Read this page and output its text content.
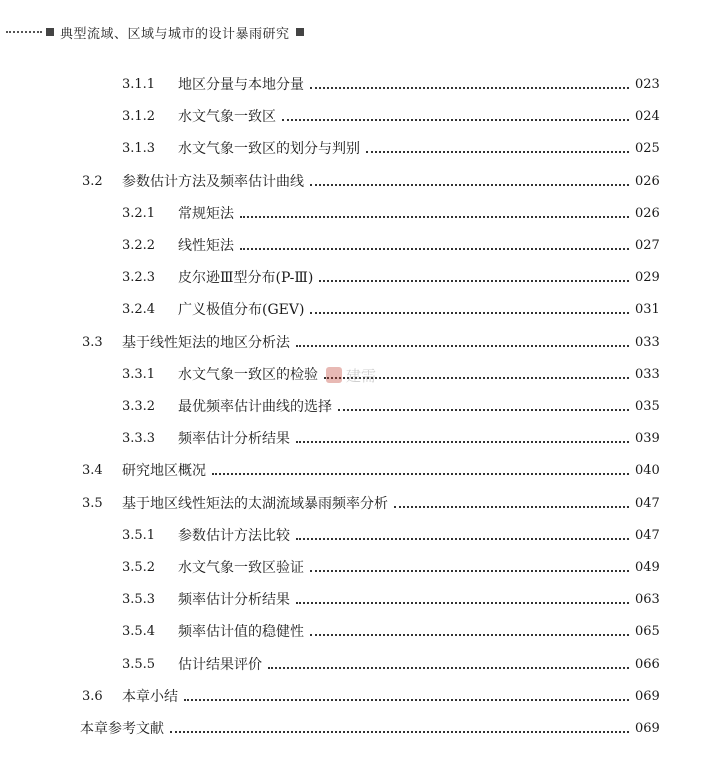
典型流域、区域与城市的设计暴雨研究
3.1.1	地区分量与本地分量	023
3.1.2	水文气象一致区	024
3.1.3	水文气象一致区的划分与判别	025
3.2	参数估计方法及频率估计曲线	026
3.2.1	常规矩法	026
3.2.2	线性矩法	027
3.2.3	皮尔逊Ⅲ型分布(P-Ⅲ)	029
3.2.4	广义极值分布(GEV)	031
3.3	基于线性矩法的地区分析法	033
3.3.1	水文气象一致区的检验	033
3.3.2	最优频率估计曲线的选择	035
3.3.3	频率估计分析结果	039
3.4	研究地区概况	040
3.5	基于地区线性矩法的太湖流域暴雨频率分析	047
3.5.1	参数估计方法比较	047
3.5.2	水文气象一致区验证	049
3.5.3	频率估计分析结果	063
3.5.4	频率估计值的稳健性	065
3.5.5	估计结果评价	066
3.6	本章小结	069
本章参考文献	069
建需
